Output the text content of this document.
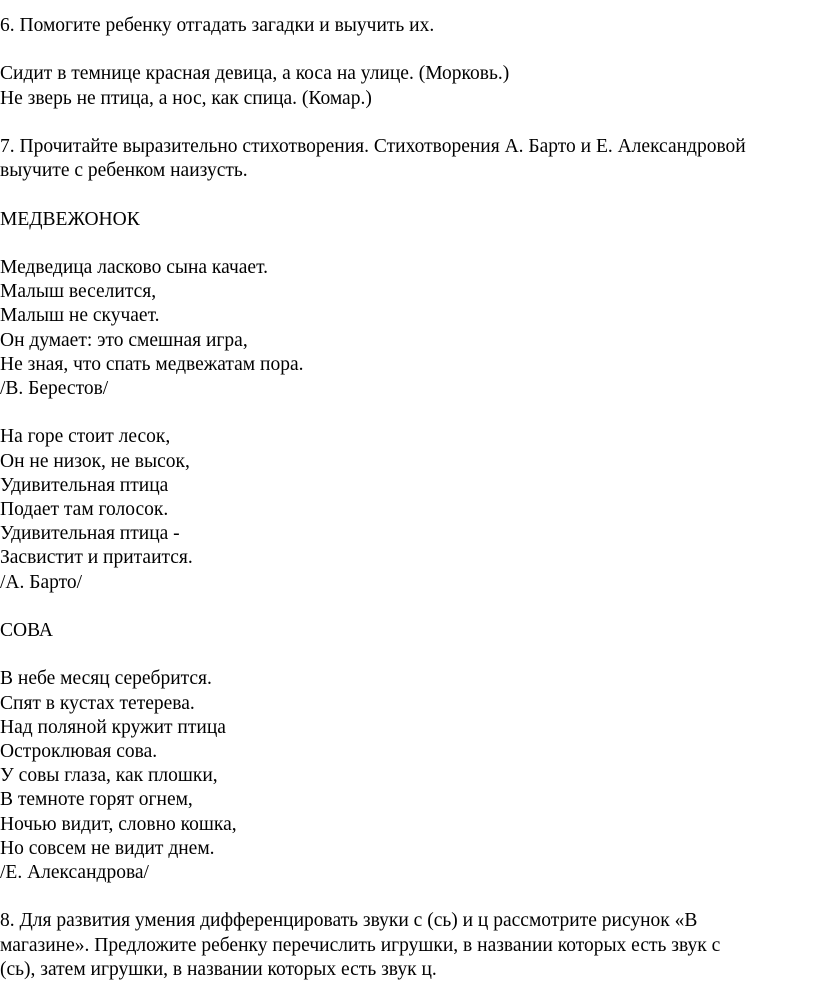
6. Помогите ребенку отгадать загадки и выучить их.
Сидит в темнице красная девица, а коса на улице. (Морковь.)
Не зверь не птица, а нос, как спица. (Комар.)
7. Прочитайте выразительно стихотворения. Стихотворения А. Барто и Е. Александровой
выучите с ребенком наизусть.
МЕДВЕЖОНОК
Медведица ласково сына качает.
Малыш веселится,
Малыш не скучает.
Он думает: это смешная игра,
Не зная, что спать медвежатам пора.
/В. Берестов/
На горе стоит лесок,
Он не низок, не высок,
Удивительная птица
Подает там голосок.
Удивительная птица -
Засвистит и притаится.
/А. Барто/
СОВА
В небе месяц серебрится.
Спят в кустах тетерева.
Над поляной кружит птица
Остроклювая сова.
У совы глаза, как плошки,
В темноте горят огнем,
Ночью видит, словно кошка,
Но совсем не видит днем.
/Е. Александрова/
8. Для развития умения дифференцировать звуки с (сь) и ц рассмотрите рисунок «В
магазине». Предложите ребенку перечислить игрушки, в названии которых есть звук с
(сь), затем игрушки, в названии которых есть звук ц.
